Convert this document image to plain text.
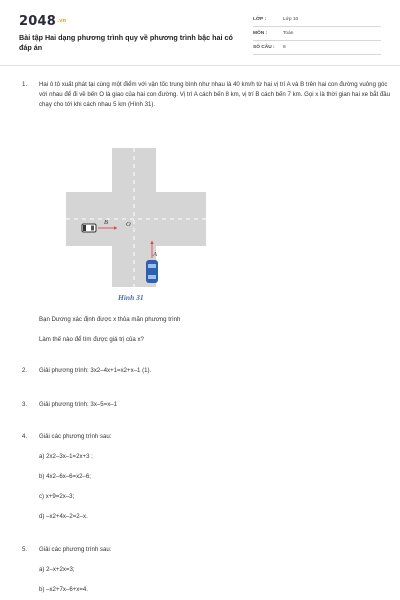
$2048^{.vn}$
Bài tập Hai dạng phương trình quy về phương trình bậc hai có đáp án
LỚP :	Lớp 10
MÔN :	Toán
SỐ CÂU : 8
1. Hai ô tô xuất phát tại cùng một điểm với vận tốc trung bình như nhau là 40 km/h từ hai vị trí A và B trên hai con đường vuông góc với nhau để đi về bến O là giao của hai con đường. Vị trí A cách bến 8 km, vị trí B cách bến 7 km. Gọi x là thời gian hai xe bắt đầu chạy cho tới khi cách nhau 5 km (Hình 31).
B	O
A
Hình 31
Bạn Dương xác định được x thỏa mãn phương trình
Làm thế nào để tìm được giá trị của x?
2. Giải phương trình: 3x2–4x+1=x2+x–1 (1).
3. Giải phương trình: 3x–5=x–1
4. Giải các phương trình sau:
a) 2x2–3x–1=2x+3 ;
b) 4x2–6x–6=x2–6;
c) x+9=2x–3;
d) –x2+4x–2=2–x.
5. Giải các phương trình sau:
a) 2–x+2x=3;
b) –x2+7x–6+x=4.
